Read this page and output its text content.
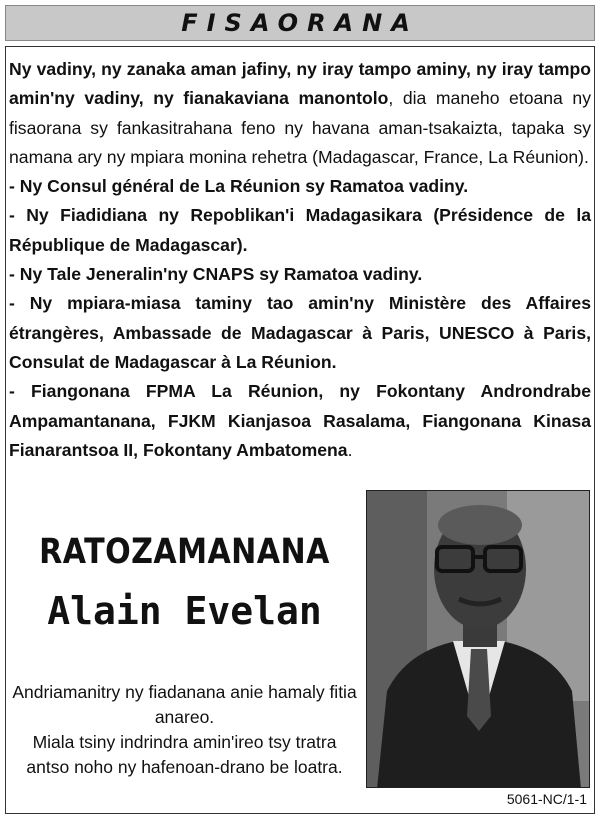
FISAORANA

Ny vadiny, ny zanaka aman jafiny, ny iray tampo aminy, ny iray tampo amin'ny vadiny, ny fianakaviana manontolo, dia maneho etoana ny fisaorana sy fankasitrahana feno ny havana aman-tsakaizta, tapaka sy namana ary ny mpiara monina rehetra (Madagascar, France, La Réunion).

- Ny Consul général de La Réunion sy Ramatoa vadiny.

- Ny Fiadidiana ny Repoblikan'i Madagasikara (Présidence de la République de Madagascar).

- Ny Tale Jeneralin'ny CNAPS sy Ramatoa vadiny.

- Ny mpiara-miasa taminy tao amin'ny Ministère des Affaires étrangères, Ambassade de Madagascar à Paris, UNESCO à Paris, Consulat de Madagascar à La Réunion.

- Fiangonana FPMA La Réunion, ny Fokontany Androndrabe Ampamantanana, FJKM Kianjasoa Rasalama, Fiangonana Kinasa Fianarantsoa II, Fokontany Ambatomena.

RATOZAMANANA
Alain Evelan

Andriamanitry ny fiadanana anie hamaly fitia anareo.

Miala tsiny indrindra amin'ireo tsy tratra antso noho ny hafenoan-drano be loatra.

5061-NC/1-1
